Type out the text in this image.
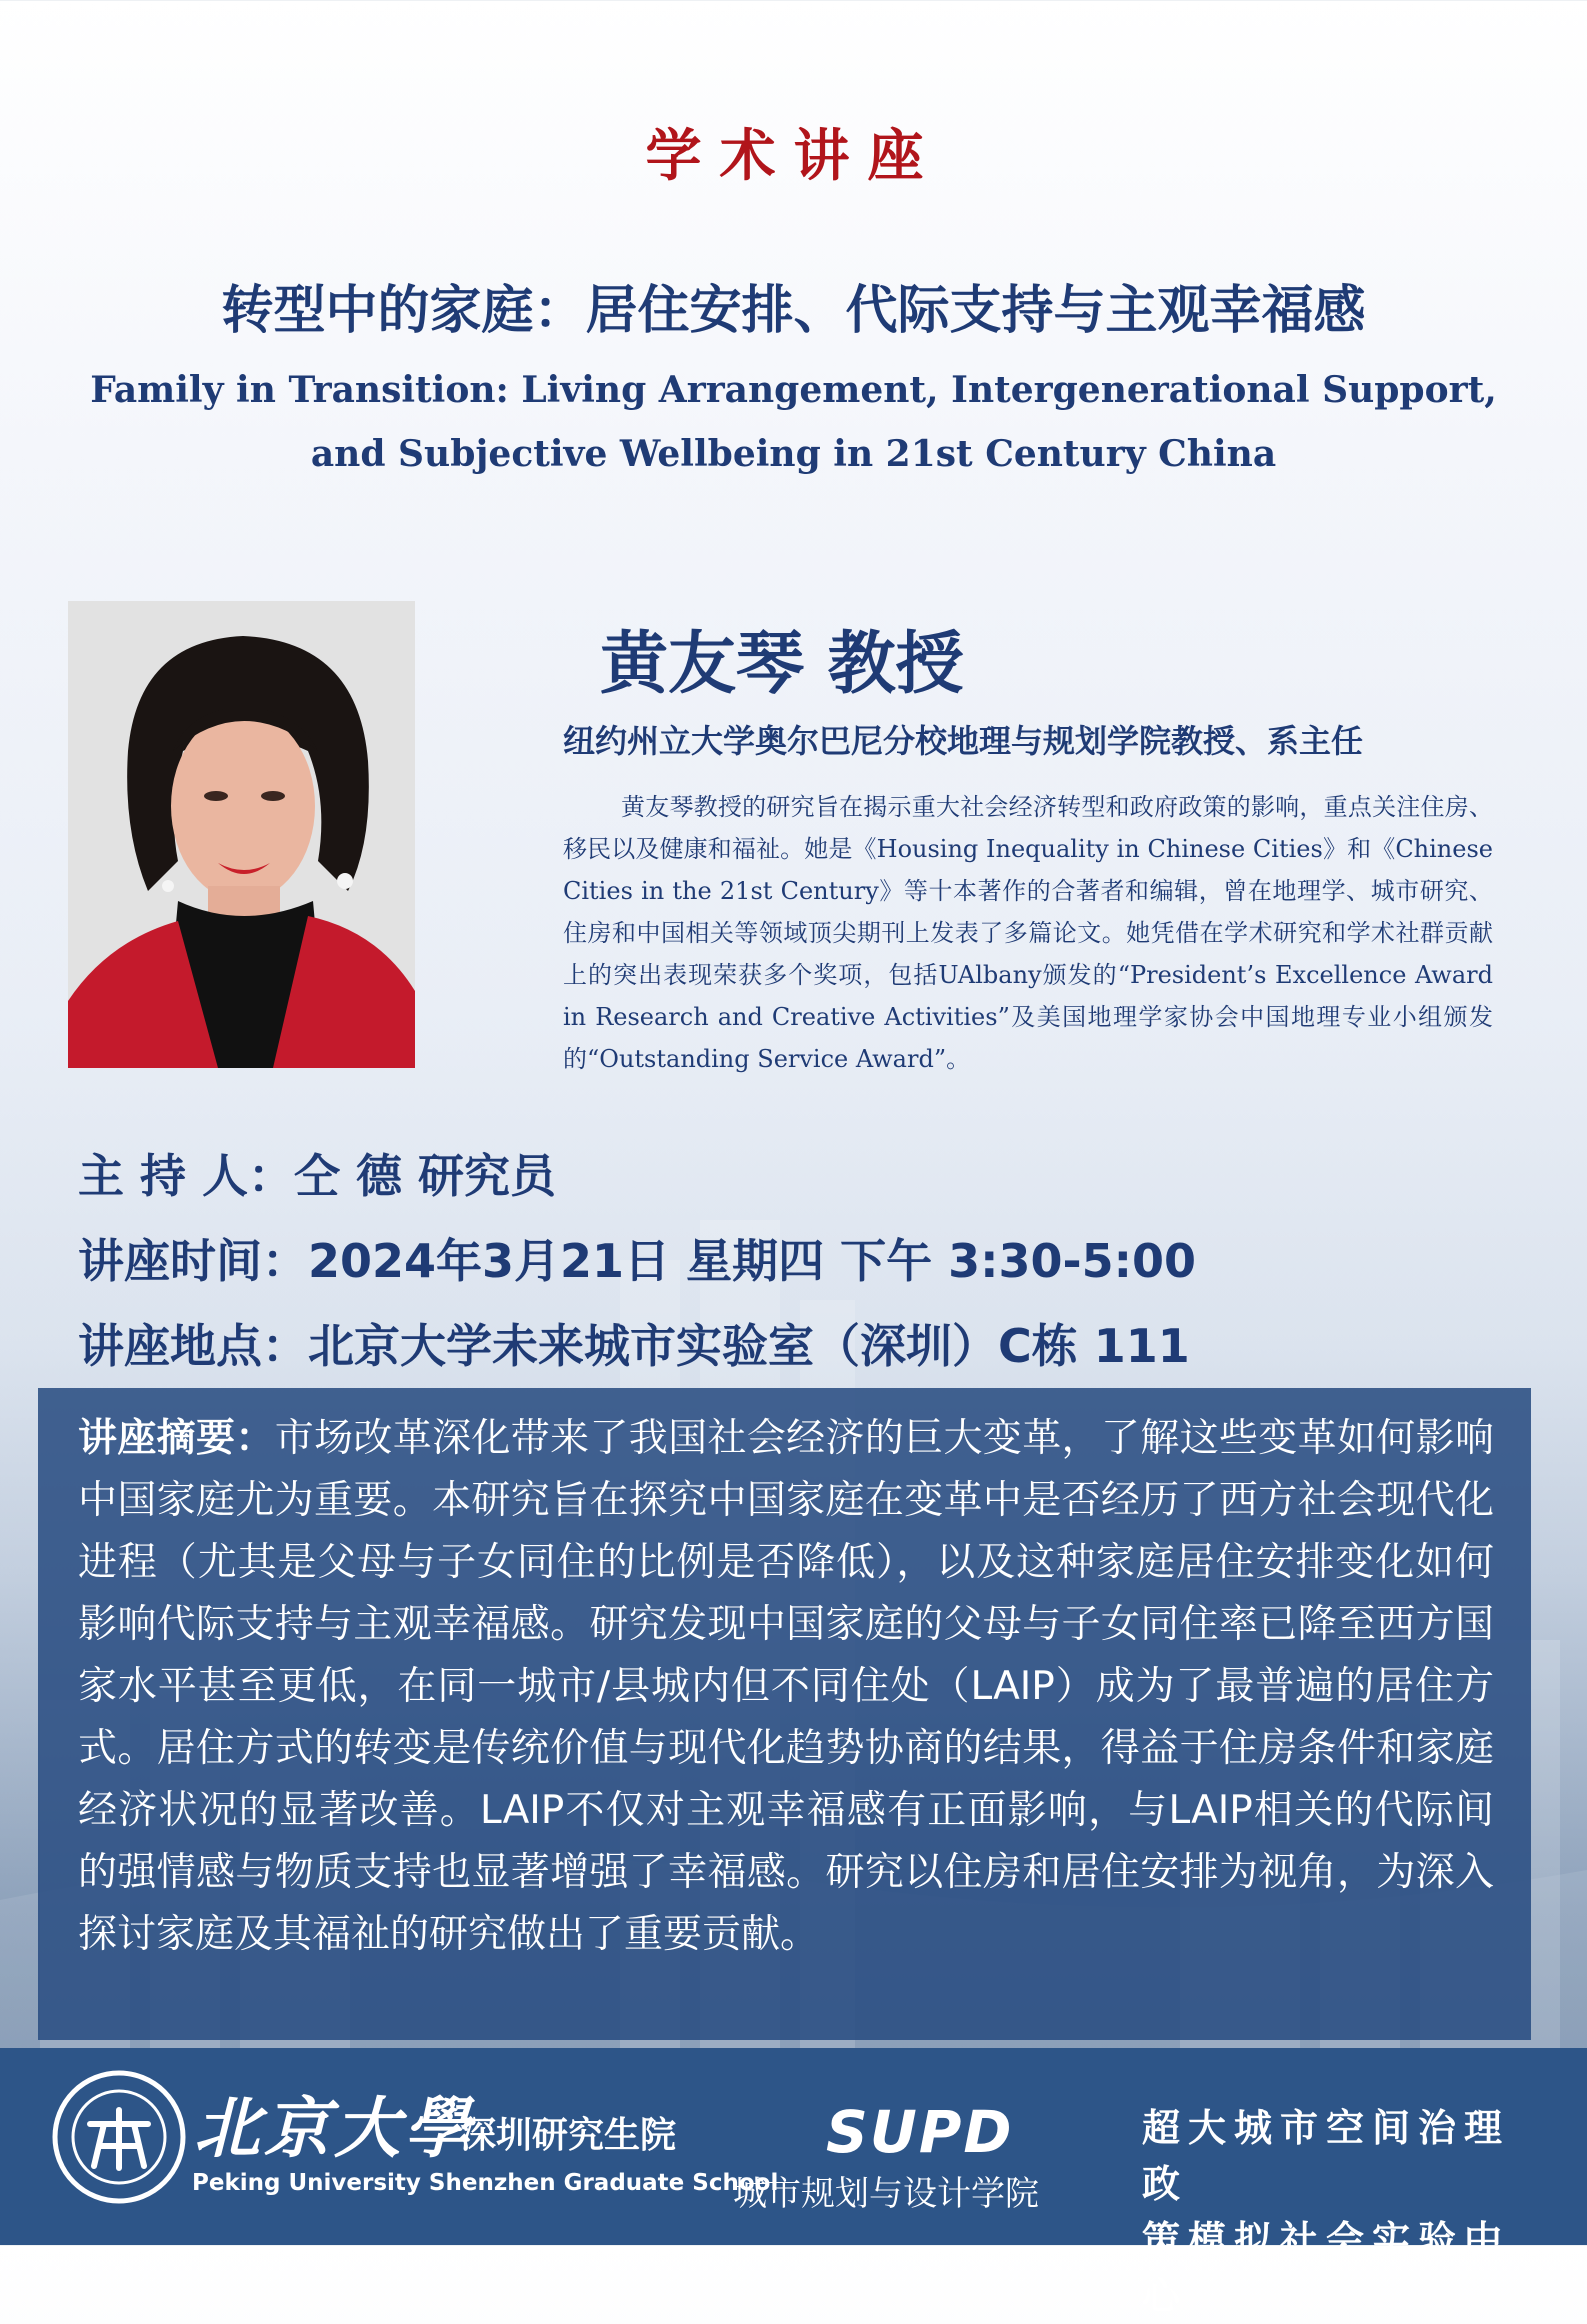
学术讲座
转型中的家庭：居住安排、代际支持与主观幸福感
Family in Transition: Living Arrangement, Intergenerational Support,
and Subjective Wellbeing in 21st Century China
黄友琴 教授
纽约州立大学奥尔巴尼分校地理与规划学院教授、系主任
黄友琴教授的研究旨在揭示重大社会经济转型和政府政策的影响，重点关注住房、移民以及健康和福祉。她是《Housing Inequality in Chinese Cities》和《Chinese Cities in the 21st Century》等十本著作的合著者和编辑，曾在地理学、城市研究、住房和中国相关等领域顶尖期刊上发表了多篇论文。她凭借在学术研究和学术社群贡献上的突出表现荣获多个奖项，包括UAlbany颁发的“President’s Excellence Award in Research and Creative Activities”及美国地理学家协会中国地理专业小组颁发的“Outstanding Service Award”。
主 持 人：仝 德 研究员
讲座时间：2024年3月21日 星期四 下午 3:30-5:00
讲座地点：北京大学未来城市实验室（深圳）C栋 111
讲座摘要：市场改革深化带来了我国社会经济的巨大变革，了解这些变革如何影响中国家庭尤为重要。本研究旨在探究中国家庭在变革中是否经历了西方社会现代化进程（尤其是父母与子女同住的比例是否降低），以及这种家庭居住安排变化如何影响代际支持与主观幸福感。研究发现中国家庭的父母与子女同住率已降至西方国家水平甚至更低，在同一城市/县城内但不同住处（LAIP）成为了最普遍的居住方式。居住方式的转变是传统价值与现代化趋势协商的结果，得益于住房条件和家庭经济状况的显著改善。LAIP不仅对主观幸福感有正面影响，与LAIP相关的代际间的强情感与物质支持也显著增强了幸福感。研究以住房和居住安排为视角，为深入探讨家庭及其福祉的研究做出了重要贡献。
北京大學
深圳研究生院
Peking University Shenzhen Graduate School
SUPD
城市规划与设计学院
超大城市空间治理政
策模拟社会实验中心
